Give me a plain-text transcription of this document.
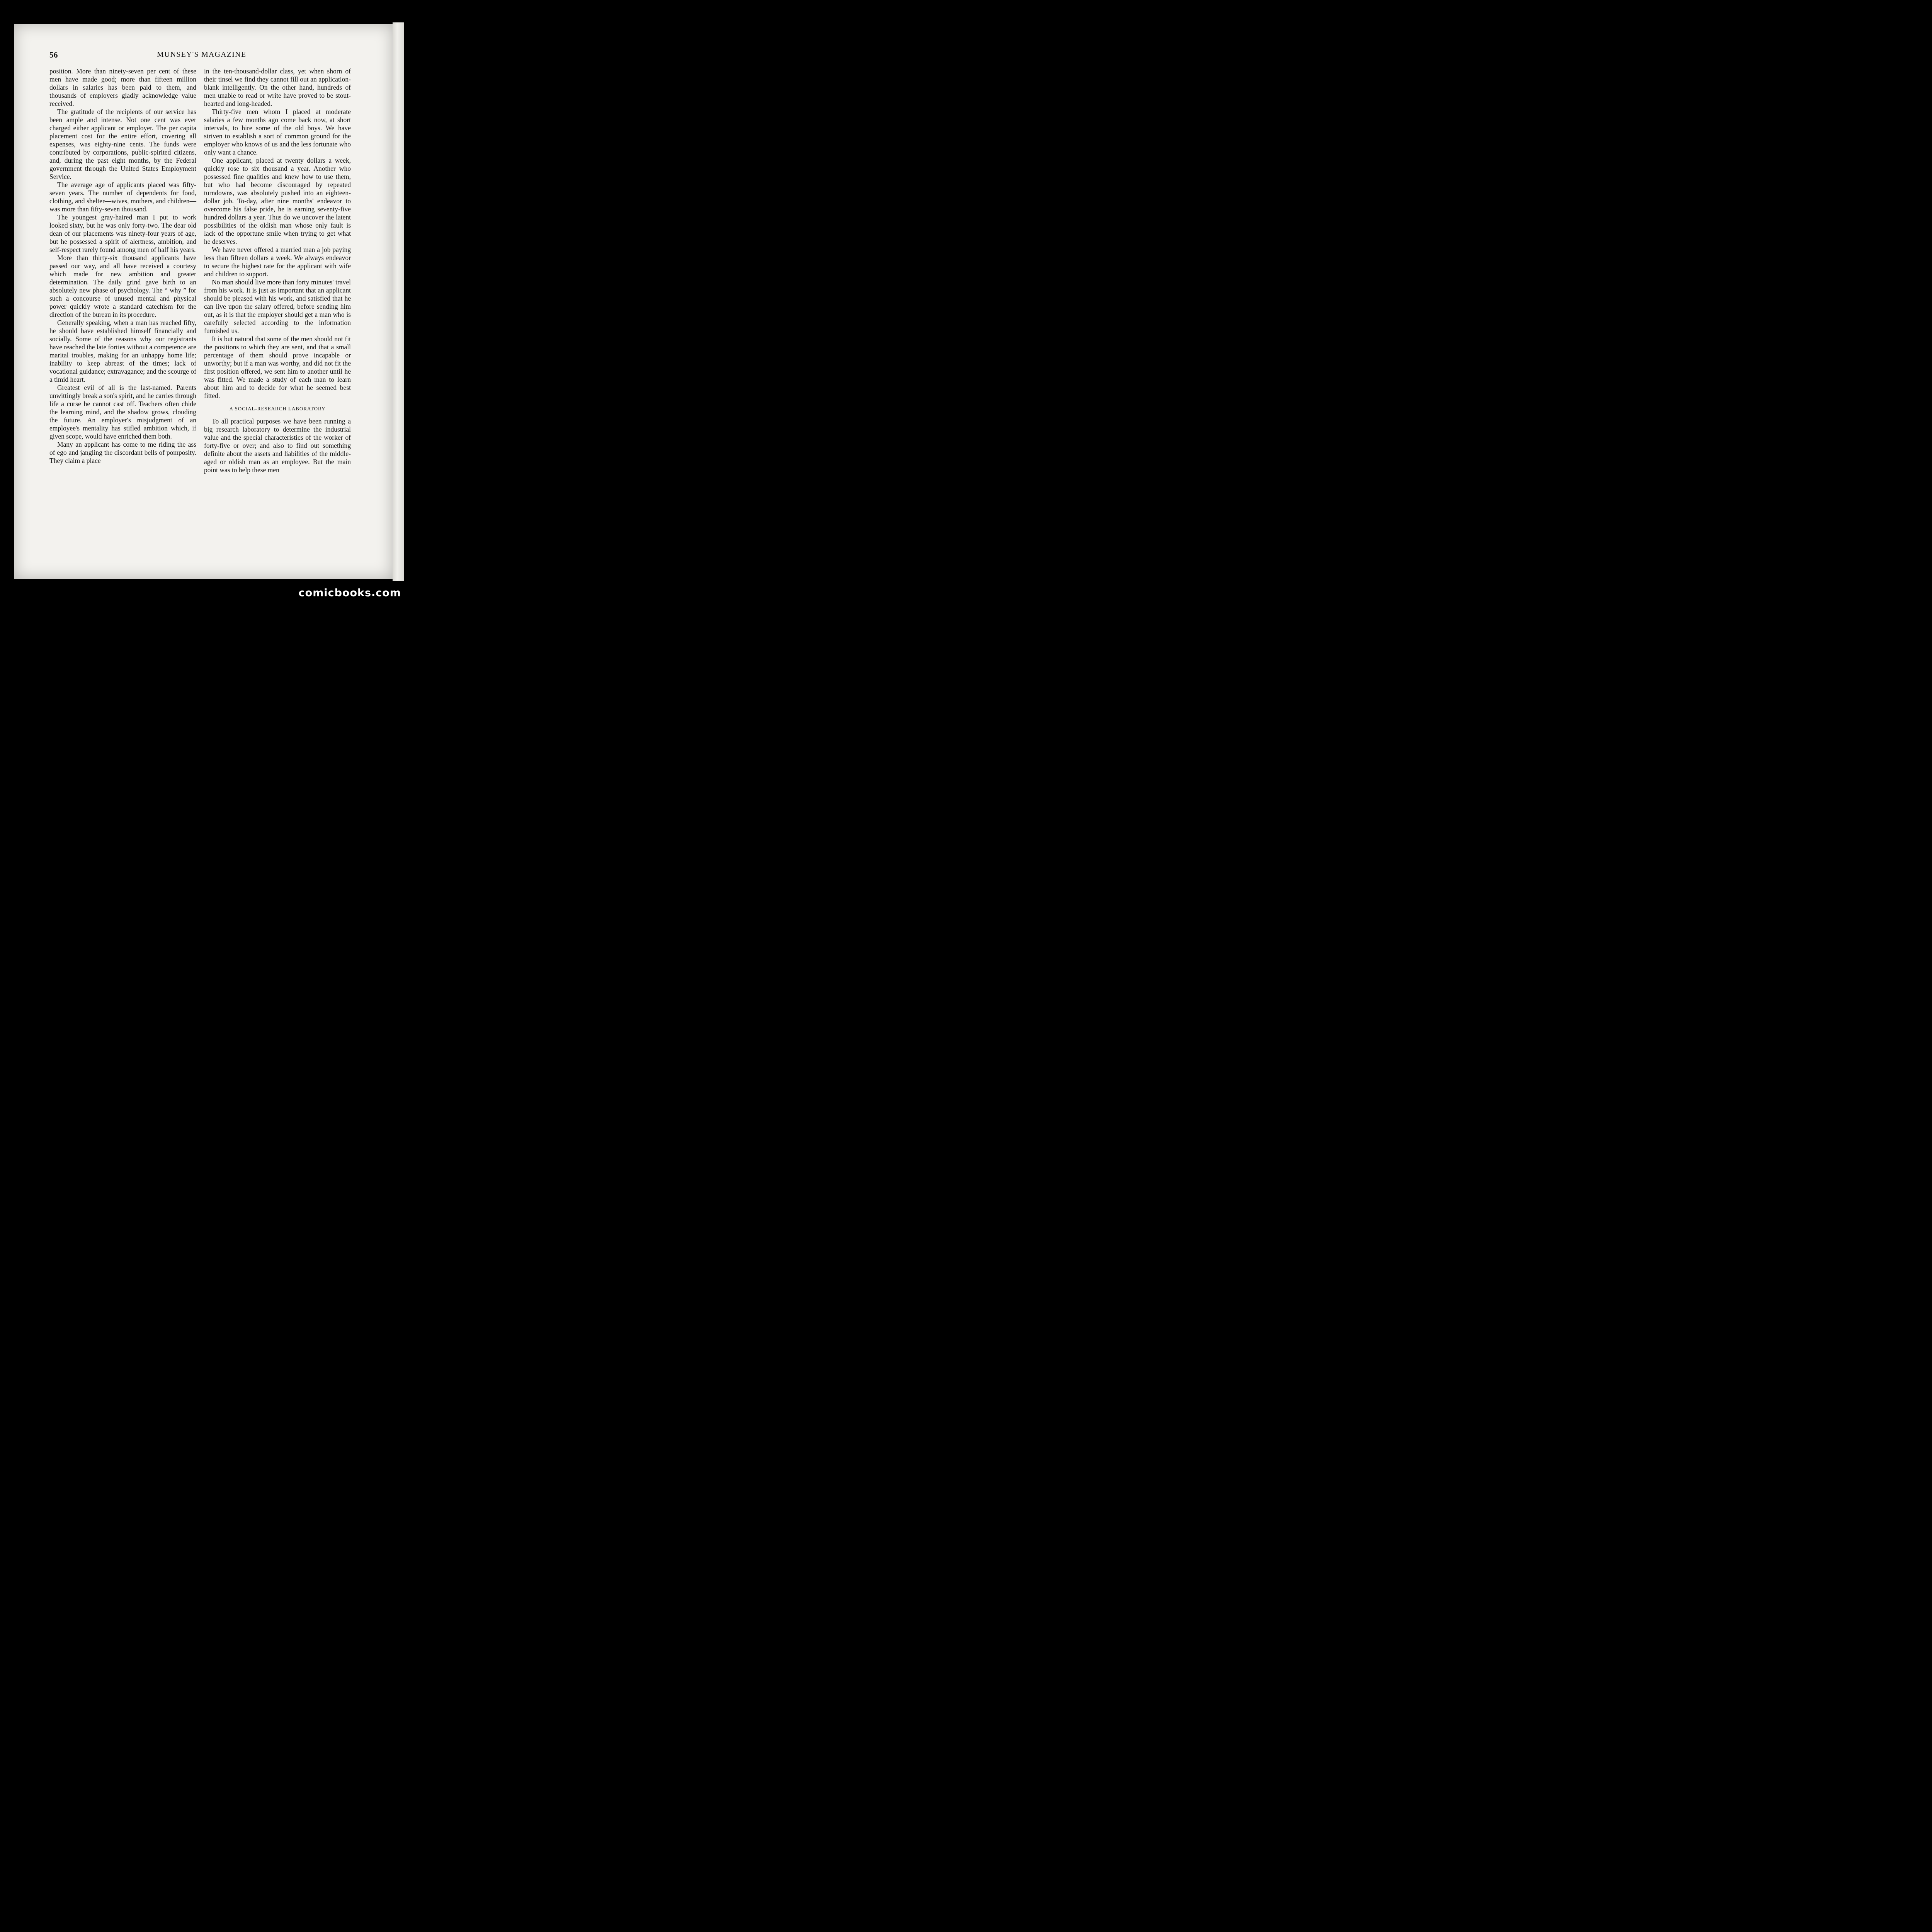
56	MUNSEY'S MAGAZINE

position. More than ninety-seven per cent of these men have made good; more than fifteen million dollars in salaries has been paid to them, and thousands of employers gladly acknowledge value received.

The gratitude of the recipients of our service has been ample and intense. Not one cent was ever charged either applicant or employer. The per capita placement cost for the entire effort, covering all expenses, was eighty-nine cents. The funds were contributed by corporations, public-spirited citizens, and, during the past eight months, by the Federal government through the United States Employment Service.

The average age of applicants placed was fifty-seven years. The number of dependents for food, clothing, and shelter—wives, mothers, and children—was more than fifty-seven thousand.

The youngest gray-haired man I put to work looked sixty, but he was only forty-two. The dear old dean of our placements was ninety-four years of age, but he possessed a spirit of alertness, ambition, and self-respect rarely found among men of half his years.

More than thirty-six thousand applicants have passed our way, and all have received a courtesy which made for new ambition and greater determination. The daily grind gave birth to an absolutely new phase of psychology. The “ why ” for such a concourse of unused mental and physical power quickly wrote a standard catechism for the direction of the bureau in its procedure.

Generally speaking, when a man has reached fifty, he should have established himself financially and socially. Some of the reasons why our registrants have reached the late forties without a competence are marital troubles, making for an unhappy home life; inability to keep abreast of the times; lack of vocational guidance; extravagance; and the scourge of a timid heart.

Greatest evil of all is the last-named. Parents unwittingly break a son's spirit, and he carries through life a curse he cannot cast off. Teachers often chide the learning mind, and the shadow grows, clouding the future. An employer's misjudgment of an employee's mentality has stifled ambition which, if given scope, would have enriched them both.

Many an applicant has come to me riding the ass of ego and jangling the discordant bells of pomposity. They claim a place

in the ten-thousand-dollar class, yet when shorn of their tinsel we find they cannot fill out an application-blank intelligently. On the other hand, hundreds of men unable to read or write have proved to be stout-hearted and long-headed.

Thirty-five men whom I placed at moderate salaries a few months ago come back now, at short intervals, to hire some of the old boys. We have striven to establish a sort of common ground for the employer who knows of us and the less fortunate who only want a chance.

One applicant, placed at twenty dollars a week, quickly rose to six thousand a year. Another who possessed fine qualities and knew how to use them, but who had become discouraged by repeated turndowns, was absolutely pushed into an eighteen-dollar job. To-day, after nine months' endeavor to overcome his false pride, he is earning seventy-five hundred dollars a year. Thus do we uncover the latent possibilities of the oldish man whose only fault is lack of the opportune smile when trying to get what he deserves.

We have never offered a married man a job paying less than fifteen dollars a week. We always endeavor to secure the highest rate for the applicant with wife and children to support.

No man should live more than forty minutes' travel from his work. It is just as important that an applicant should be pleased with his work, and satisfied that he can live upon the salary offered, before sending him out, as it is that the employer should get a man who is carefully selected according to the information furnished us.

It is but natural that some of the men should not fit the positions to which they are sent, and that a small percentage of them should prove incapable or unworthy; but if a man was worthy, and did not fit the first position offered, we sent him to another until he was fitted. We made a study of each man to learn about him and to decide for what he seemed best fitted.

A SOCIAL-RESEARCH LABORATORY

To all practical purposes we have been running a big research laboratory to determine the industrial value and the special characteristics of the worker of forty-five or over; and also to find out something definite about the assets and liabilities of the middle-aged or oldish man as an employee. But the main point was to help these men

comicbooks.com
